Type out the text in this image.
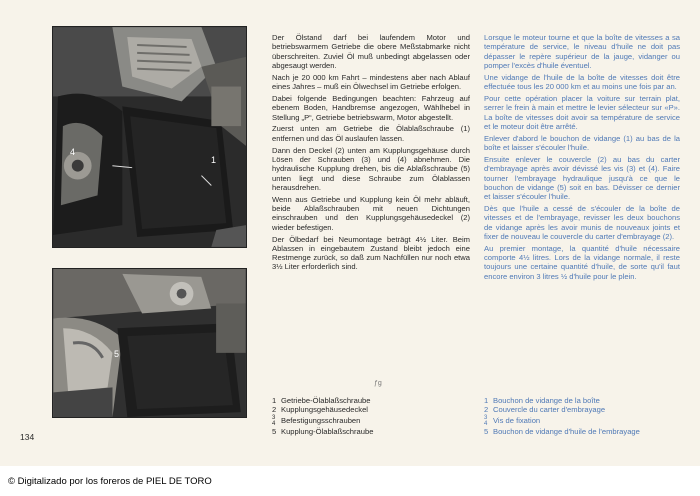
4
1
5

Der Ölstand darf bei laufendem Motor und betriebswarmem Getriebe die obere Meßstabmarke nicht überschreiten. Zuviel Öl muß unbedingt abgelassen oder abgesaugt werden.

Nach je 20 000 km Fahrt – mindestens aber nach Ablauf eines Jahres – muß ein Ölwechsel im Getriebe erfolgen.

Dabei folgende Bedingungen beachten: Fahrzeug auf ebenem Boden, Handbremse angezogen, Wählhebel in Stellung „P“, Getriebe betriebswarm, Motor abgestellt.

Zuerst unten am Getriebe die Ölablaßschraube (1) entfernen und das Öl auslaufen lassen.

Dann den Deckel (2) unten am Kupplungsgehäuse durch Lösen der Schrauben (3) und (4) abnehmen. Die hydraulische Kupplung drehen, bis die Ablaßschraube (5) unten liegt und diese Schraube zum Ölablassen herausdrehen.

Wenn aus Getriebe und Kupplung kein Öl mehr abläuft, beide Ablaßschrauben mit neuen Dichtungen einschrauben und den Kupplungsgehäusedeckel (2) wieder befestigen.

Der Ölbedarf bei Neumontage beträgt 4½ Liter. Beim Ablassen in eingebautem Zustand bleibt jedoch eine Restmenge zurück, so daß zum Nachfüllen nur noch etwa 3½ Liter erforderlich sind.

Lorsque le moteur tourne et que la boîte de vitesses a sa température de service, le niveau d'huile ne doit pas dépasser le repère supérieur de la jauge, vidanger ou pomper l'excès d'huile éventuel.

Une vidange de l'huile de la boîte de vitesses doit être effectuée tous les 20 000 km et au moins une fois par an.

Pour cette opération placer la voiture sur terrain plat, serrer le frein à main et mettre le levier sélecteur sur «P». La boîte de vitesses doit avoir sa température de service et le moteur doit être arrêté.

Enlever d'abord le bouchon de vidange (1) au bas de la boîte et laisser s'écouler l'huile.

Ensuite enlever le couvercle (2) au bas du carter d'embrayage après avoir dévissé les vis (3) et (4). Faire tourner l'embrayage hydraulique jusqu'à ce que le bouchon de vidange (5) soit en bas. Dévisser ce dernier et laisser s'écouler l'huile.

Dès que l'huile a cessé de s'écouler de la boîte de vitesses et de l'embrayage, revisser les deux bouchons de vidange après les avoir munis de nouveaux joints et fixer de nouveau le couvercle du carter d'embrayage (2).

Au premier montage, la quantité d'huile nécessaire comporte 4½ litres. Lors de la vidange normale, il reste toujours une certaine quantité d'huile, de sorte qu'il faut encore environ 3 litres ½ d'huile pour le plein.

ƒg
1 Getriebe-Ölablaßschraube
2 Kupplungsgehäusedeckel
3
4 Befestigungsschrauben
5 Kupplung-Ölablaßschraube
1 Bouchon de vidange de la boîte
2 Couvercle du carter d'embrayage
3
4 Vis de fixation
5 Bouchon de vidange d'huile de l'embrayage
134
© Digitalizado por los foreros de PIEL DE TORO
